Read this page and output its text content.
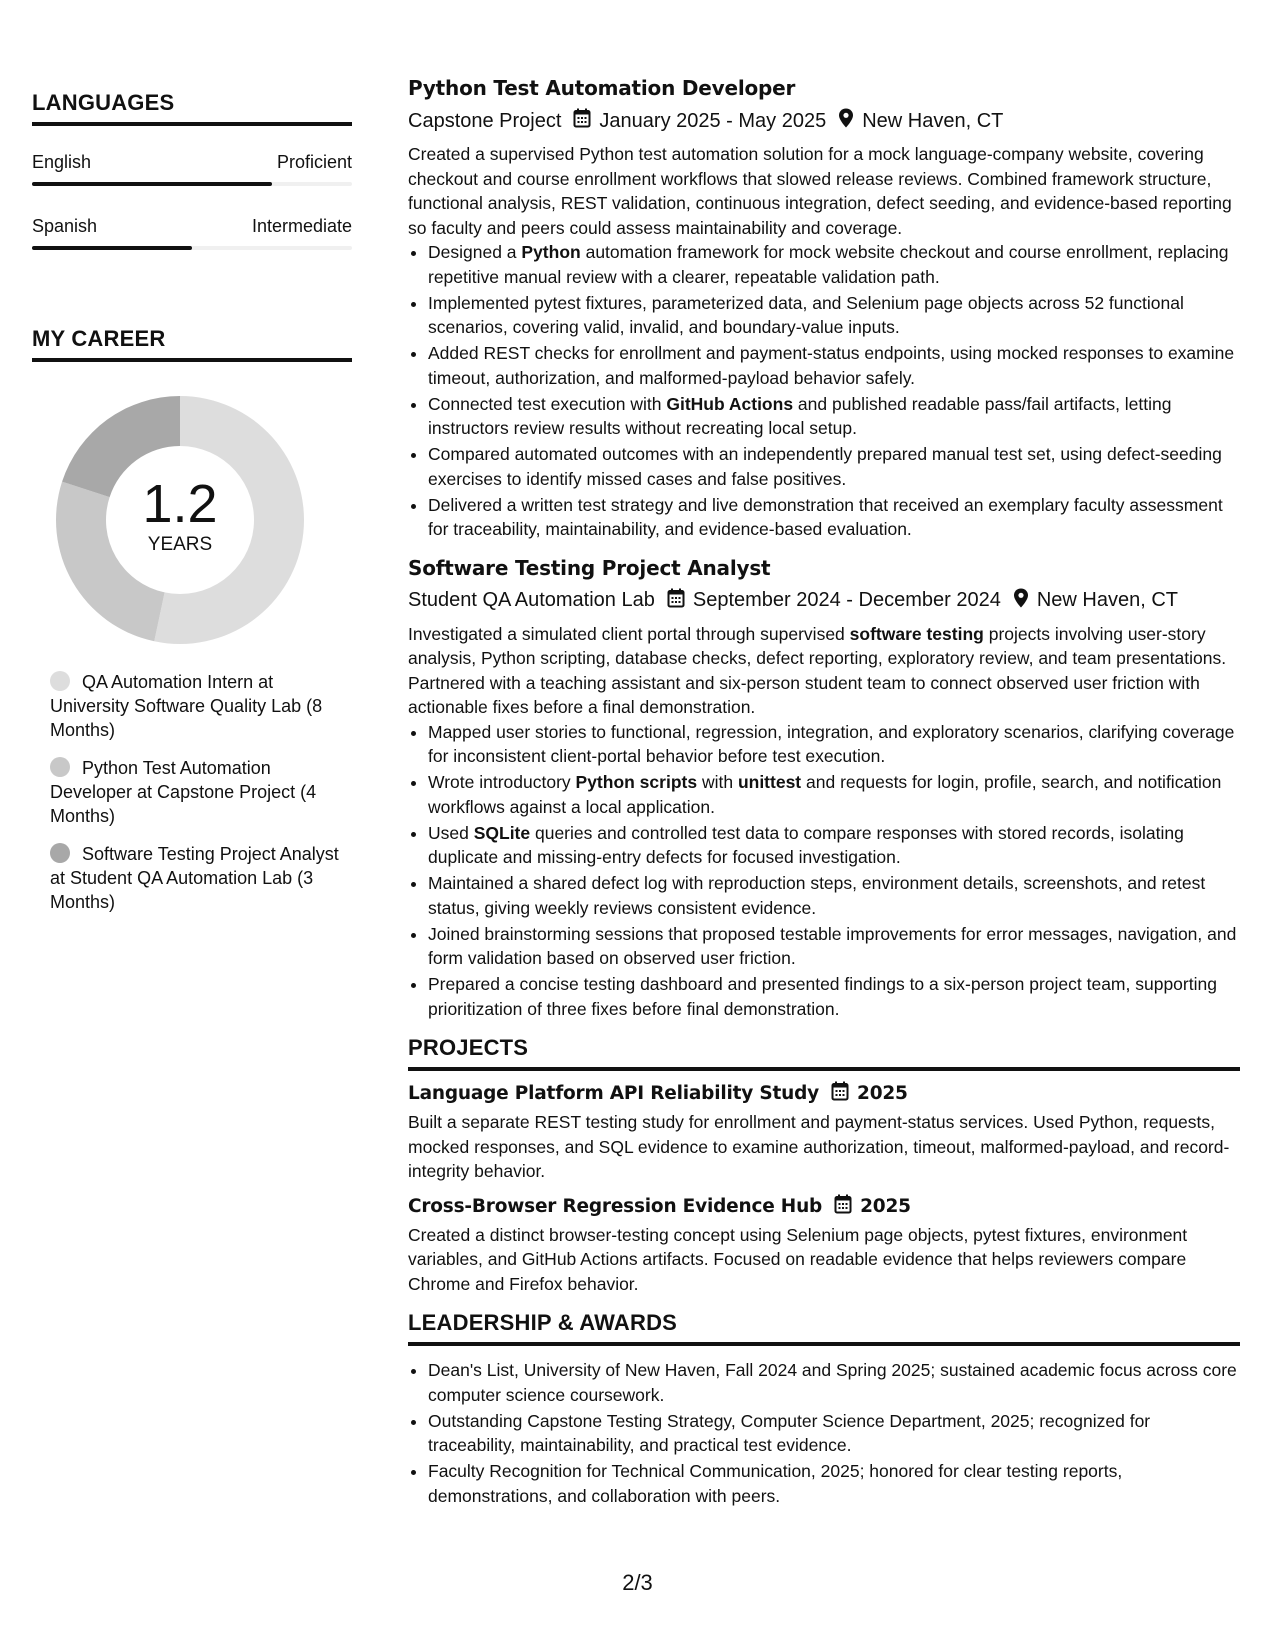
LANGUAGES
English	Proficient
Spanish	Intermediate
MY CAREER
1.2
YEARS
QA Automation Intern at University Software Quality Lab (8 Months)
Python Test Automation Developer at Capstone Project (4 Months)
Software Testing Project Analyst at Student QA Automation Lab (3 Months)
Python Test Automation Developer
Capstone Project January 2025 - May 2025 New Haven, CT
Created a supervised Python test automation solution for a mock language-company website, covering checkout and course enrollment workflows that slowed release reviews. Combined framework structure, functional analysis, REST validation, continuous integration, defect seeding, and evidence-based reporting so faculty and peers could assess maintainability and coverage.
• Designed a Python automation framework for mock website checkout and course enrollment, replacing repetitive manual review with a clearer, repeatable validation path.
• Implemented pytest fixtures, parameterized data, and Selenium page objects across 52 functional scenarios, covering valid, invalid, and boundary-value inputs.
• Added REST checks for enrollment and payment-status endpoints, using mocked responses to examine timeout, authorization, and malformed-payload behavior safely.
• Connected test execution with GitHub Actions and published readable pass/fail artifacts, letting instructors review results without recreating local setup.
• Compared automated outcomes with an independently prepared manual test set, using defect-seeding exercises to identify missed cases and false positives.
• Delivered a written test strategy and live demonstration that received an exemplary faculty assessment for traceability, maintainability, and evidence-based evaluation.
Software Testing Project Analyst
Student QA Automation Lab September 2024 - December 2024 New Haven, CT
Investigated a simulated client portal through supervised software testing projects involving user-story analysis, Python scripting, database checks, defect reporting, exploratory review, and team presentations. Partnered with a teaching assistant and six-person student team to connect observed user friction with actionable fixes before a final demonstration.
• Mapped user stories to functional, regression, integration, and exploratory scenarios, clarifying coverage for inconsistent client-portal behavior before test execution.
• Wrote introductory Python scripts with unittest and requests for login, profile, search, and notification workflows against a local application.
• Used SQLite queries and controlled test data to compare responses with stored records, isolating duplicate and missing-entry defects for focused investigation.
• Maintained a shared defect log with reproduction steps, environment details, screenshots, and retest status, giving weekly reviews consistent evidence.
• Joined brainstorming sessions that proposed testable improvements for error messages, navigation, and form validation based on observed user friction.
• Prepared a concise testing dashboard and presented findings to a six-person project team, supporting prioritization of three fixes before final demonstration.
PROJECTS
Language Platform API Reliability Study 2025
Built a separate REST testing study for enrollment and payment-status services. Used Python, requests, mocked responses, and SQL evidence to examine authorization, timeout, malformed-payload, and record-integrity behavior.
Cross-Browser Regression Evidence Hub 2025
Created a distinct browser-testing concept using Selenium page objects, pytest fixtures, environment variables, and GitHub Actions artifacts. Focused on readable evidence that helps reviewers compare Chrome and Firefox behavior.
LEADERSHIP & AWARDS
• Dean's List, University of New Haven, Fall 2024 and Spring 2025; sustained academic focus across core computer science coursework.
• Outstanding Capstone Testing Strategy, Computer Science Department, 2025; recognized for traceability, maintainability, and practical test evidence.
• Faculty Recognition for Technical Communication, 2025; honored for clear testing reports, demonstrations, and collaboration with peers.
2/3
